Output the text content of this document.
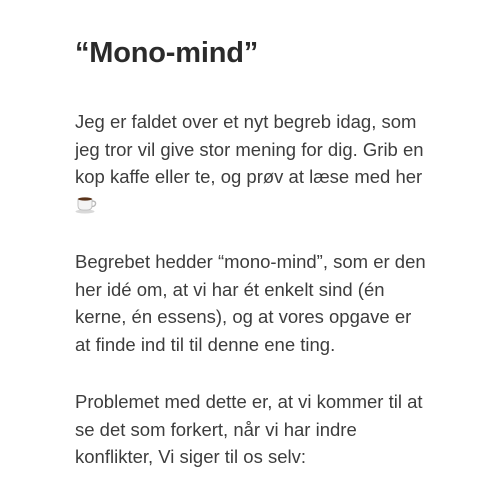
“Mono-mind”

Jeg er faldet over et nyt begreb idag, som
jeg tror vil give stor mening for dig. Grib en
kop kaffe eller te, og prøv at læse med her

Begrebet hedder “mono-mind”, som er den
her idé om, at vi har ét enkelt sind (én
kerne, én essens), og at vores opgave er
at finde ind til til denne ene ting.

Problemet med dette er, at vi kommer til at
se det som forkert, når vi har indre
konflikter, Vi siger til os selv:
